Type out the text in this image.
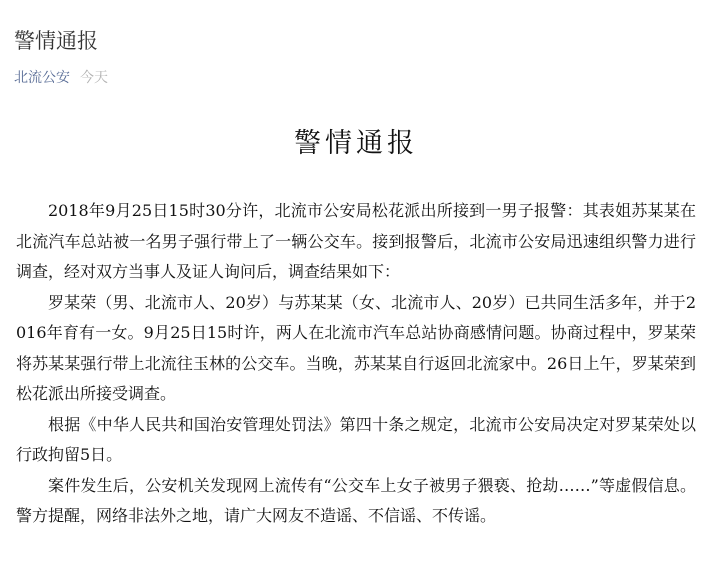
警情通报
北流公安 今天
警情通报

2018年9月25日15时30分许，北流市公安局松花派出所接到一男子报警：其表姐苏某某在北流汽车总站被一名男子强行带上了一辆公交车。接到报警后，北流市公安局迅速组织警力进行调查，经对双方当事人及证人询问后，调查结果如下：

罗某荣（男、北流市人、20岁）与苏某某（女、北流市人、20岁）已共同生活多年，并于2016年育有一女。9月25日15时许，两人在北流市汽车总站协商感情问题。协商过程中，罗某荣将苏某某强行带上北流往玉林的公交车。当晚，苏某某自行返回北流家中。26日上午，罗某荣到松花派出所接受调查。

根据《中华人民共和国治安管理处罚法》第四十条之规定，北流市公安局决定对罗某荣处以行政拘留5日。

案件发生后，公安机关发现网上流传有“公交车上女子被男子猥亵、抢劫……”等虚假信息。警方提醒，网络非法外之地，请广大网友不造谣、不信谣、不传谣。
